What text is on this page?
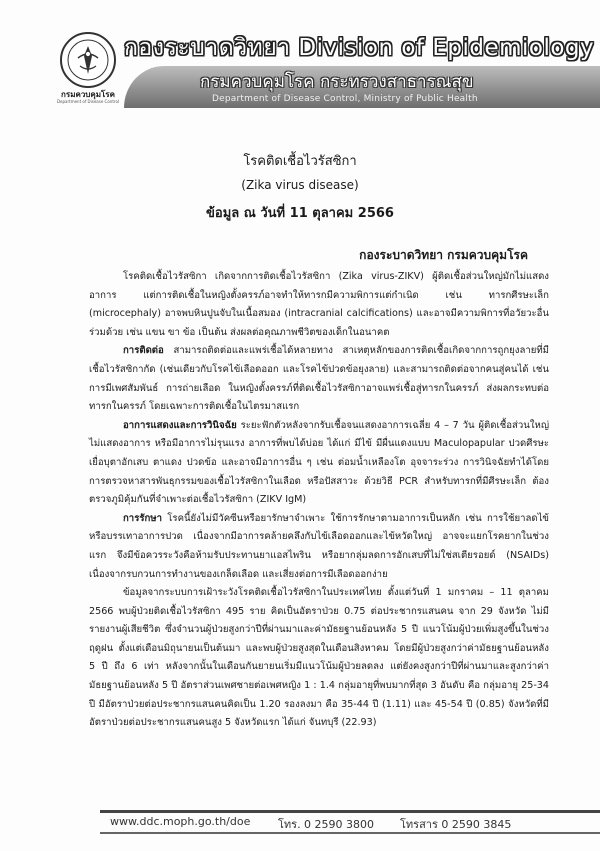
กรมควบคุมโรค
Department of Disease Control
กองระบาดวิทยา Division of Epidemiology
กรมควบคุมโรค กระทรวงสาธารณสุข
Department of Disease Control, Ministry of Public Health
โรคติดเชื้อไวรัสซิกา
(Zika virus disease)
ข้อมูล ณ วันที่ 11 ตุลาคม 2566
กองระบาดวิทยา กรมควบคุมโรค

โรคติดเชื้อไวรัสซิกา เกิดจากการติดเชื้อไวรัสซิกา (Zika virus-ZIKV) ผู้ติดเชื้อส่วนใหญ่มักไม่แสดงอาการ แต่การติดเชื้อในหญิงตั้งครรภ์อาจทำให้ทารกมีความพิการแต่กำเนิด เช่น ทารกศีรษะเล็ก (microcephaly) อาจพบหินปูนจับในเนื้อสมอง (intracranial calcifications) และอาจมีความพิการที่อวัยวะอื่นร่วมด้วย เช่น แขน ขา ข้อ เป็นต้น ส่งผลต่อคุณภาพชีวิตของเด็กในอนาคต

การติดต่อ สามารถติดต่อและแพร่เชื้อได้หลายทาง สาเหตุหลักของการติดเชื้อเกิดจากการถูกยุงลายที่มีเชื้อไวรัสซิกากัด (เช่นเดียวกับโรคไข้เลือดออก และโรคไข้ปวดข้อยุงลาย) และสามารถติดต่อจากคนสู่คนได้ เช่น การมีเพศสัมพันธ์ การถ่ายเลือด ในหญิงตั้งครรภ์ที่ติดเชื้อไวรัสซิกาอาจแพร่เชื้อสู่ทารกในครรภ์ ส่งผลกระทบต่อทารกในครรภ์ โดยเฉพาะการติดเชื้อในไตรมาสแรก

อาการแสดงและการวินิจฉัย ระยะฟักตัวหลังจากรับเชื้อจนแสดงอาการเฉลี่ย 4 – 7 วัน ผู้ติดเชื้อส่วนใหญ่ไม่แสดงอาการ หรือมีอาการไม่รุนแรง อาการที่พบได้บ่อย ได้แก่ มีไข้ มีผื่นแดงแบบ Maculopapular ปวดศีรษะ เยื่อบุตาอักเสบ ตาแดง ปวดข้อ และอาจมีอาการอื่น ๆ เช่น ต่อมน้ำเหลืองโต อุจจาระร่วง การวินิจฉัยทำได้โดยการตรวจหาสารพันธุกรรมของเชื้อไวรัสซิกาในเลือด หรือปัสสาวะ ด้วยวิธี PCR สำหรับทารกที่มีศีรษะเล็ก ต้องตรวจภูมิคุ้มกันที่จำเพาะต่อเชื้อไวรัสซิกา (ZIKV IgM)

การรักษา โรคนี้ยังไม่มีวัคซีนหรือยารักษาจำเพาะ ใช้การรักษาตามอาการเป็นหลัก เช่น การใช้ยาลดไข้ หรือบรรเทาอาการปวด เนื่องจากมีอาการคล้ายคลึงกับไข้เลือดออกและไข้หวัดใหญ่ อาจจะแยกโรคยากในช่วงแรก จึงมีข้อควรระวังคือห้ามรับประทานยาแอสไพริน หรือยากลุ่มลดการอักเสบที่ไม่ใช่สเตียรอยด์ (NSAIDs) เนื่องจากรบกวนการทำงานของเกล็ดเลือด และเสี่ยงต่อการมีเลือดออกง่าย

ข้อมูลจากระบบการเฝ้าระวังโรคติดเชื้อไวรัสซิกาในประเทศไทย ตั้งแต่วันที่ 1 มกราคม – 11 ตุลาคม 2566 พบผู้ป่วยติดเชื้อไวรัสซิกา 495 ราย คิดเป็นอัตราป่วย 0.75 ต่อประชากรแสนคน จาก 29 จังหวัด ไม่มีรายงานผู้เสียชีวิต ซึ่งจำนวนผู้ป่วยสูงกว่าปีที่ผ่านมาและค่ามัธยฐานย้อนหลัง 5 ปี แนวโน้มผู้ป่วยเพิ่มสูงขึ้นในช่วงฤดูฝน ตั้งแต่เดือนมิถุนายนเป็นต้นมา และพบผู้ป่วยสูงสุดในเดือนสิงหาคม โดยมีผู้ป่วยสูงกว่าค่ามัธยฐานย้อนหลัง 5 ปี ถึง 6 เท่า หลังจากนั้นในเดือนกันยายนเริ่มมีแนวโน้มผู้ป่วยลดลง แต่ยังคงสูงกว่าปีที่ผ่านมาและสูงกว่าค่ามัธยฐานย้อนหลัง 5 ปี อัตราส่วนเพศชายต่อเพศหญิง 1 : 1.4 กลุ่มอายุที่พบมากที่สุด 3 อันดับ คือ กลุ่มอายุ 25-34 ปี มีอัตราป่วยต่อประชากรแสนคนคิดเป็น 1.20 รองลงมา คือ 35-44 ปี (1.11) และ 45-54 ปี (0.85) จังหวัดที่มีอัตราป่วยต่อประชากรแสนคนสูง 5 จังหวัดแรก ได้แก่ จันทบุรี (22.93)

www.ddc.moph.go.th/doe	โทร. 0 2590 3800 โทรสาร 0 2590 3845
